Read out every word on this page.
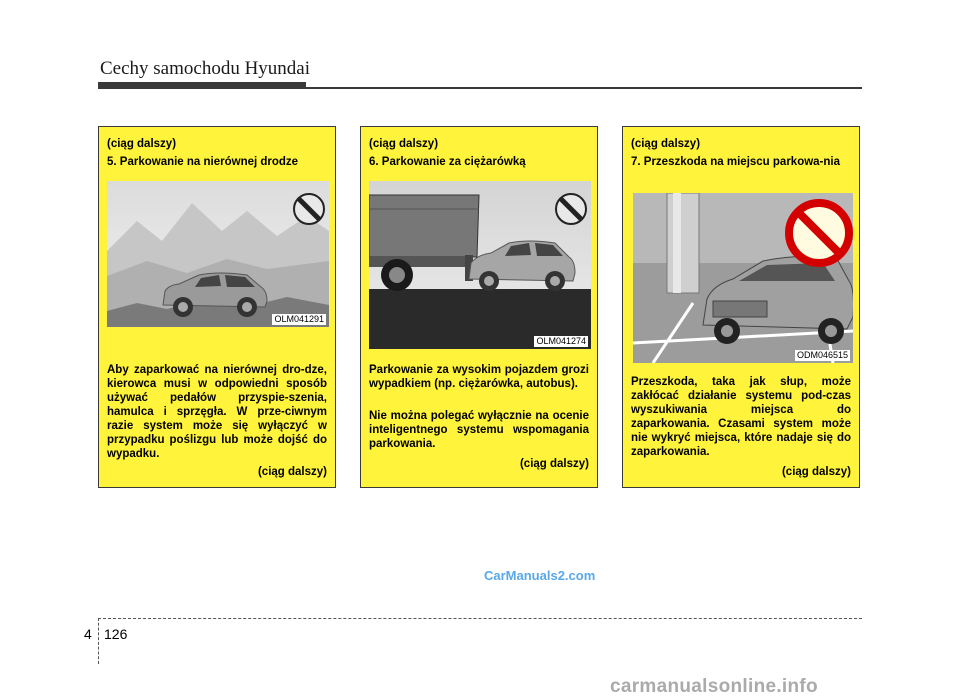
Cechy samochodu Hyundai

(ciąg dalszy)

5. Parkowanie na nierównej drodze

OLM041291

Aby zaparkować na nierównej dro-dze, kierowca musi w odpowiedni sposób używać pedałów przyspie-szenia, hamulca i sprzęgła. W prze-ciwnym razie system może się wyłączyć w przypadku poślizgu lub może dojść do wypadku.

(ciąg dalszy)

(ciąg dalszy)

6. Parkowanie za ciężarówką

OLM041274

Parkowanie za wysokim pojazdem grozi wypadkiem (np. ciężarówka, autobus).

Nie można polegać wyłącznie na ocenie inteligentnego systemu wspomagania parkowania.

(ciąg dalszy)

(ciąg dalszy)

7. Przeszkoda na miejscu parkowa-nia

ODM046515

Przeszkoda, taka jak słup, może zakłócać działanie systemu pod-czas wyszukiwania miejsca do zaparkowania. Czasami system może nie wykryć miejsca, które nadaje się do zaparkowania.

(ciąg dalszy)

CarManuals2.com
4 126
carmanualsonline.info
